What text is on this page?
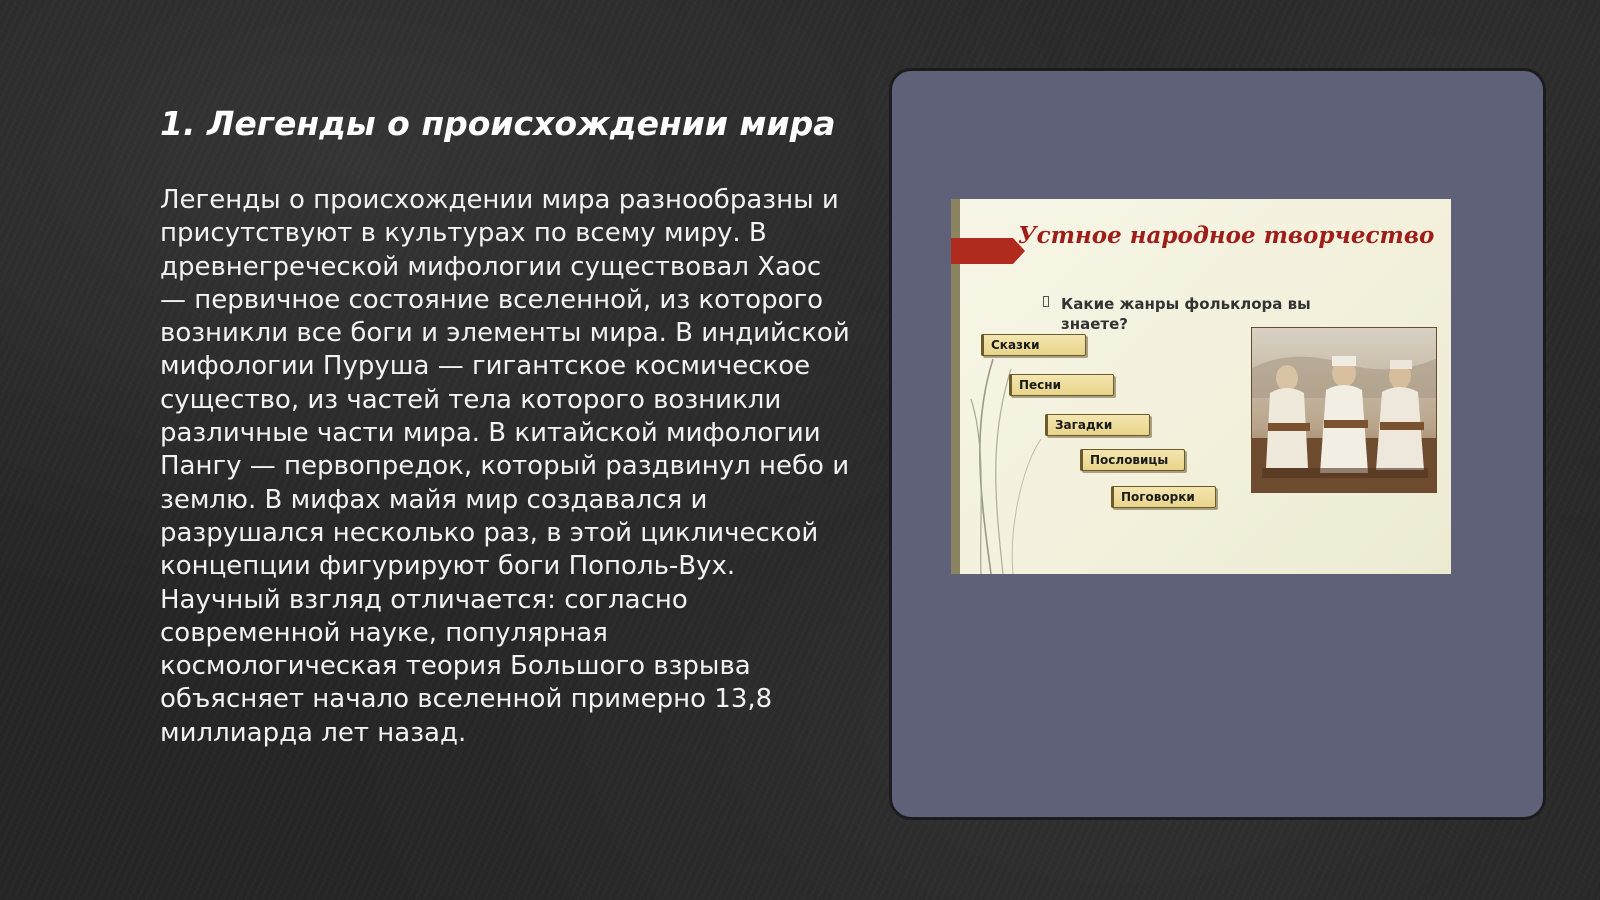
1. Легенды о происхождении мира

Легенды о происхождении мира разнообразны и присутствуют в культурах по всему миру. В древнегреческой мифологии существовал Хаос — первичное состояние вселенной, из которого возникли все боги и элементы мира. В индийской мифологии Пуруша — гигантское космическое существо, из частей тела которого возникли различные части мира. В китайской мифологии Пангу — первопредок, который раздвинул небо и землю. В мифах майя мир создавался и разрушался несколько раз, в этой циклической концепции фигурируют боги Пополь-Вух. Научный взгляд отличается: согласно современной науке, популярная космологическая теория Большого взрыва объясняет начало вселенной примерно 13,8 миллиарда лет назад.

Устное народное творчество
Какие жанры фольклора вы знаете?
Сказки
Песни
Загадки
Пословицы
Поговорки
